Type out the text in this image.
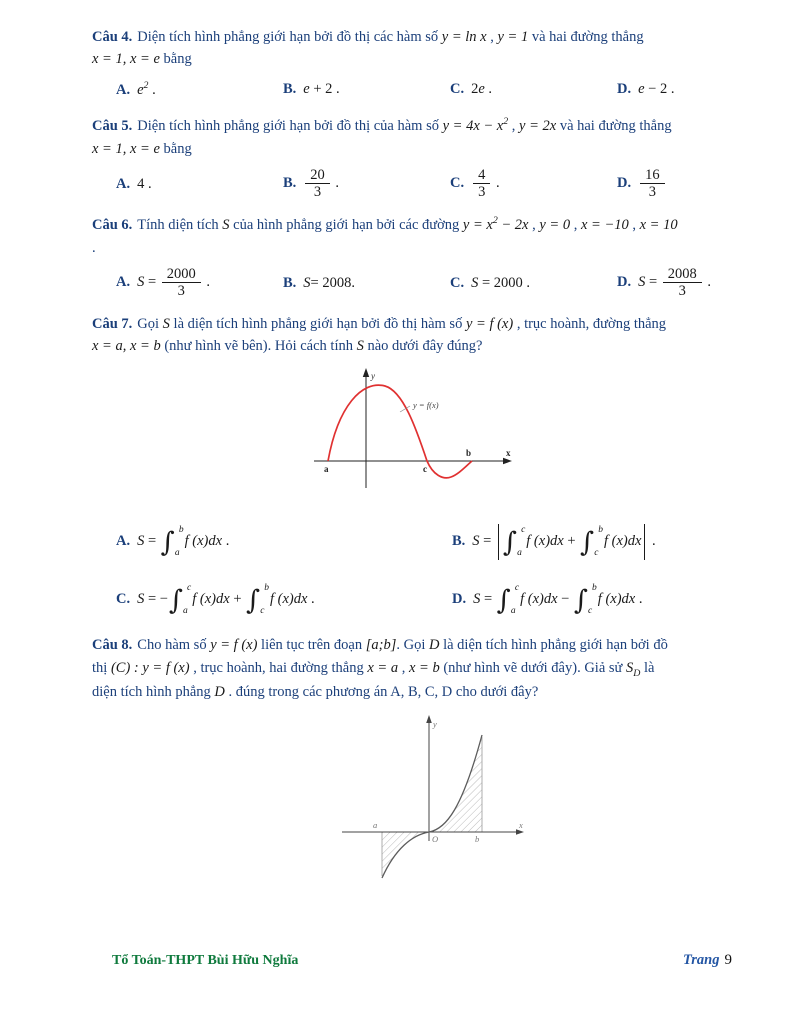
Câu 4. Diện tích hình phẳng giới hạn bởi đồ thị các hàm số y = ln x , y = 1 và hai đường thẳng

x = 1, x = e bằng

A. $e^2$ .	B. e + 2 .	C. 2e .	D. e − 2 .

Câu 5. Diện tích hình phẳng giới hạn bởi đồ thị của hàm số $y = 4x - x^2$ , y = 2x và hai đường thẳng

x = 1, x = e bằng

A. 4 .	B. $\frac{20}{3}$ .	C. $\frac{4}{3}$ .	D. $\frac{16}{3}$

Câu 6. Tính diện tích S của hình phẳng giới hạn bởi các đường $y = x^2 - 2x$ , y = 0 , x = −10 , x = 10

.

A. $S = \frac{2000}{3}$ .	B. S= 2008.	C. S = 2000 .	D. $S = \frac{2008}{3}$ .

Câu 7. Gọi S là diện tích hình phẳng giới hạn bởi đồ thị hàm số y = f (x) , trục hoành, đường thẳng

x = a, x = b (như hình vẽ bên). Hỏi cách tính S nào dưới đây đúng?

y = f(x)
y
x
b
a	c
A. S = ∫ b
a
f (x)dx .	B. S = ∫ c
a
f (x)dx + ∫ b
c
f (x)dx .
C. S = − ∫ c
a
f (x)dx + ∫ b
c
f (x)dx .	D. S = ∫ c
a
f (x)dx − ∫ b
c
f (x)dx .

Câu 8. Cho hàm số y = f (x) liên tục trên đoạn [a;b]. Gọi D là diện tích hình phẳng giới hạn bởi đồ

thị (C) : y = f (x) , trục hoành, hai đường thẳng x = a , x = b (như hình vẽ dưới đây). Giả sử $S_D$ là

diện tích hình phẳng D . đúng trong các phương án A, B, C, D cho dưới đây?

y
x
O
a
b
Tổ Toán-THPT Bùi Hữu Nghĩa	Trang 9
